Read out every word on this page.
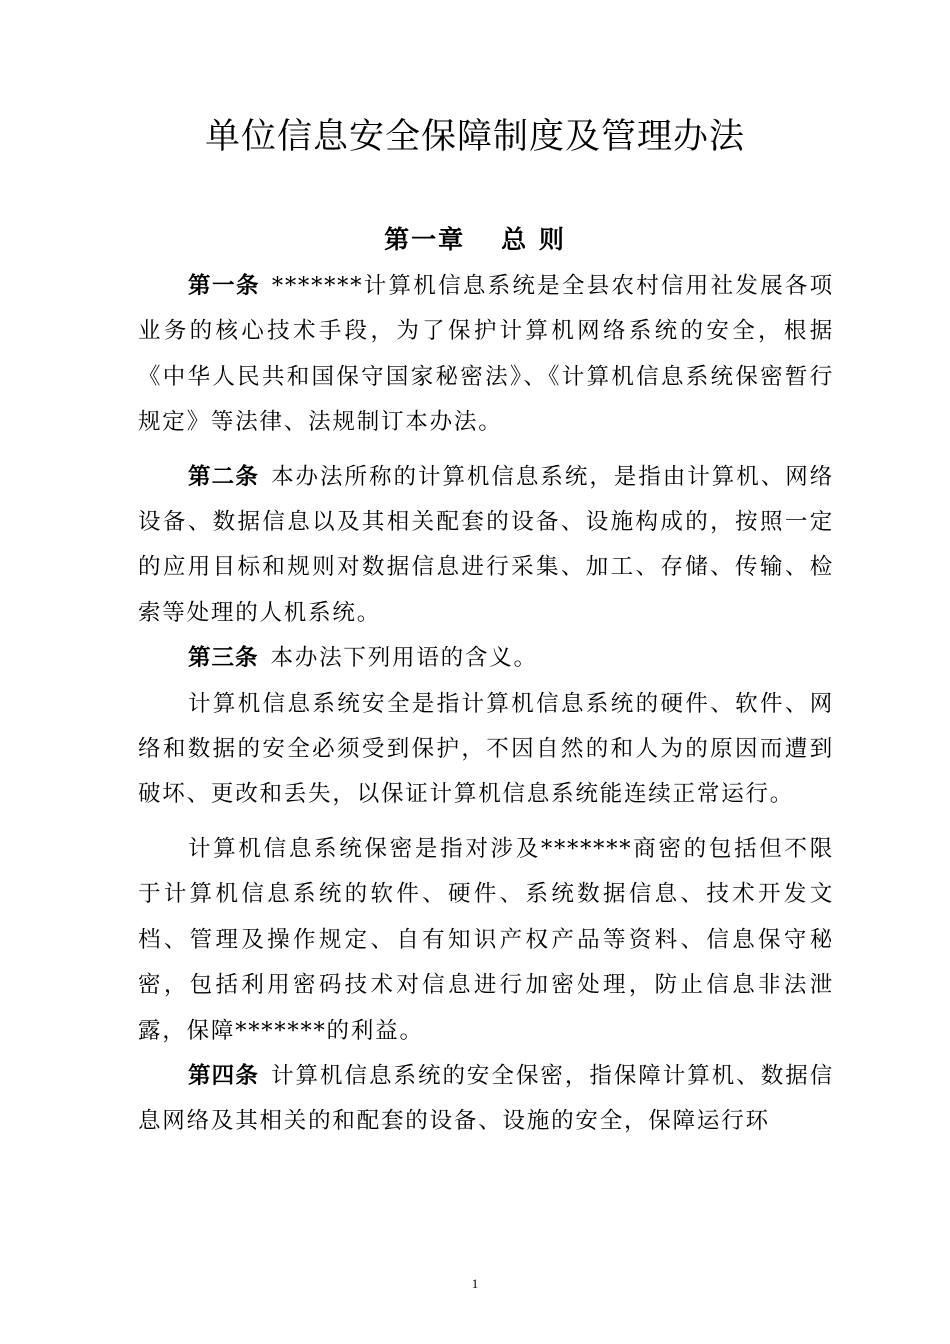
单位信息安全保障制度及管理办法
第一章 总 则

第一条 *******计算机信息系统是全县农村信用社发展各项业务的核心技术手段，为了保护计算机网络系统的安全，根据《中华人民共和国保守国家秘密法》、《计算机信息系统保密暂行规定》等法律、法规制订本办法。

第二条 本办法所称的计算机信息系统，是指由计算机、网络设备、数据信息以及其相关配套的设备、设施构成的，按照一定的应用目标和规则对数据信息进行采集、加工、存储、传输、检索等处理的人机系统。

第三条 本办法下列用语的含义。

计算机信息系统安全是指计算机信息系统的硬件、软件、网络和数据的安全必须受到保护，不因自然的和人为的原因而遭到破坏、更改和丢失，以保证计算机信息系统能连续正常运行。

计算机信息系统保密是指对涉及*******商密的包括但不限于计算机信息系统的软件、硬件、系统数据信息、技术开发文档、管理及操作规定、自有知识产权产品等资料、信息保守秘密，包括利用密码技术对信息进行加密处理，防止信息非法泄露，保障*******的利益。

第四条 计算机信息系统的安全保密，指保障计算机、数据信息网络及其相关的和配套的设备、设施的安全，保障运行环

1
